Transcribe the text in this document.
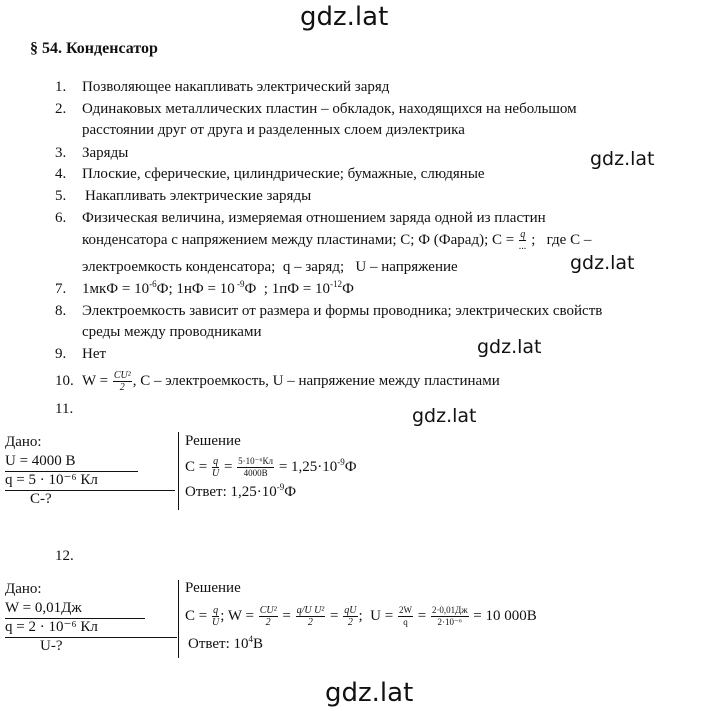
gdz.lat
gdz.lat
gdz.lat
gdz.lat
gdz.lat
gdz.lat
§ 54. Конденсатор
1. Позволяющее накапливать электрический заряд
2. Одинаковых металлических пластин – обкладок, находящихся на небольшом
расстоянии друг от друга и разделенных слоем диэлектрика
3. Заряды
4. Плоские, сферические, цилиндрические; бумажные, слюдяные
5. Накапливать электрические заряды
6. Физическая величина, измеряемая отношением заряда одной из пластин
конденсатора с напряжением между пластинами; C; Ф (Фарад); $C = \frac{q}{...}$ ;   где C –
электроемкость конденсатора;  q – заряд;   U – напряжение
7. $1мкФ = 10^{-6}Ф$; 1нФ = 10 $^{-9}$Ф  ; $1пФ = 10^{-12}Ф$
8. Электроемкость зависит от размера и формы проводника; электрических свойств
среды между проводниками
9. Нет
10. $W = \frac{\text{CU²}}{2}$ , C – электроемкость, U – напряжение между пластинами
11.
Дано:
U = 4000 В
q = 5 · 10⁻⁶ Кл
C-?
Решение
$C = \frac{q}{U} = \frac{\text{5·10⁻⁶Кл}}{4000В} = 1,25\cdot 10^{-9}Ф$
Ответ: $1,25\cdot 10^{-9}Ф$
12.
Дано:
W = 0,01Дж
q = 2 · 10⁻⁶ Кл
U-?
Решение
$C = \frac{q}{U}$ ; $W = \frac{\text{CU²}}{2} = \frac{\text{q/U U²}}{2} = \frac{qU}{2}$ ;  $U = \frac{2W}{q} = \frac{2\cdot 0,01Дж}{\text{2·10⁻⁶}} = 10$ 000В
Ответ: $10^4В$
